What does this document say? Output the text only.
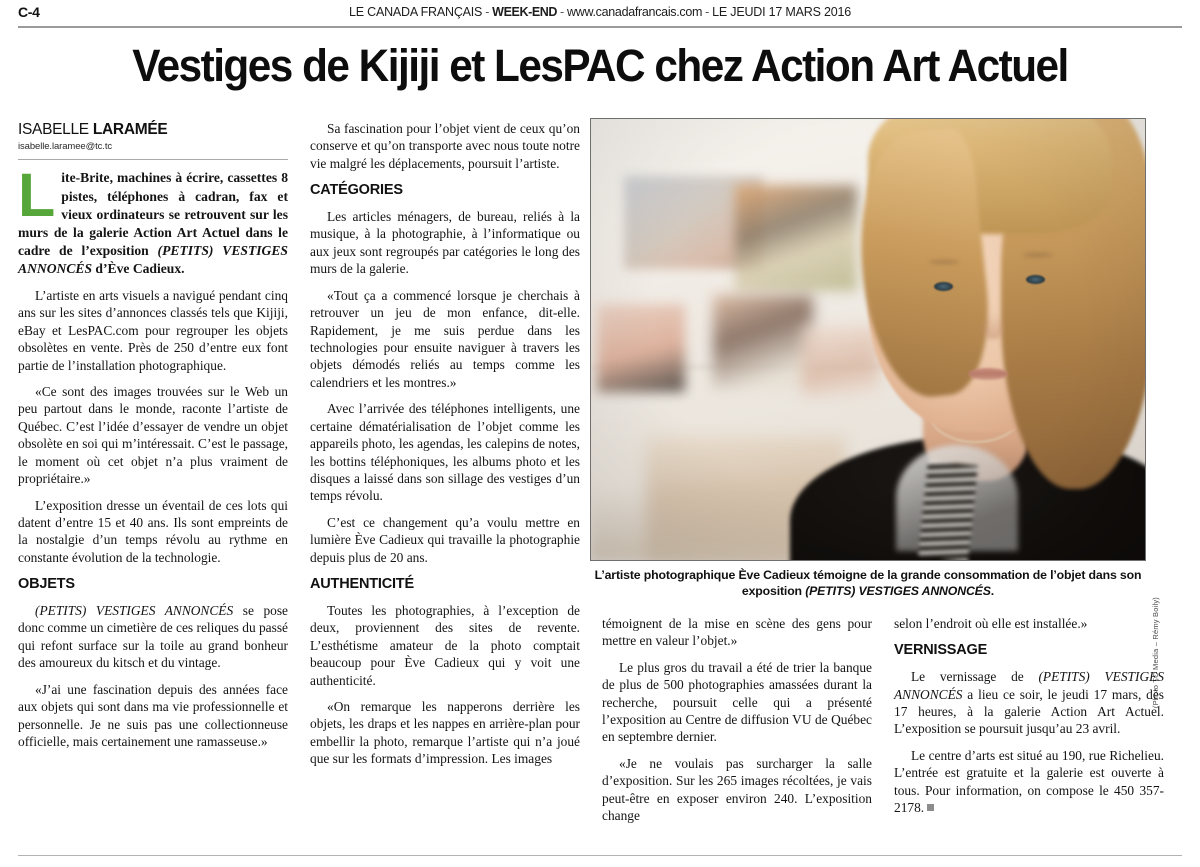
C-4	LE CANADA FRANÇAIS - WEEK-END - www.canadafrancais.com - LE JEUDI 17 MARS 2016
Vestiges de Kijiji et LesPAC chez Action Art Actuel
ISABELLE LARAMÉE
isabelle.laramee@tc.tc

Lite-Brite, machines à écrire, cassettes 8 pistes, téléphones à cadran, fax et vieux ordinateurs se retrouvent sur les murs de la galerie Action Art Actuel dans le cadre de l’exposition (PETITS) VESTIGES ANNONCÉS d’Ève Cadieux.

L’artiste en arts visuels a navigué pendant cinq ans sur les sites d’annonces classés tels que Kijiji, eBay et LesPAC.com pour regrouper les objets obsolètes en vente. Près de 250 d’entre eux font partie de l’installation photographique.

«Ce sont des images trouvées sur le Web un peu partout dans le monde, raconte l’artiste de Québec. C’est l’idée d’essayer de vendre un objet obsolète en soi qui m’intéressait. C’est le passage, le moment où cet objet n’a plus vraiment de propriétaire.»

L’exposition dresse un éventail de ces lots qui datent d’entre 15 et 40 ans. Ils sont empreints de la nostalgie d’un temps révolu au rythme en constante évolution de la technologie.

OBJETS

(PETITS) VESTIGES ANNONCÉS se pose donc comme un cimetière de ces reliques du passé qui refont surface sur la toile au grand bonheur des amoureux du kitsch et du vintage.

«J’ai une fascination depuis des années face aux objets qui sont dans ma vie professionnelle et personnelle. Je ne suis pas une collectionneuse officielle, mais certainement une ramasseuse.»

Sa fascination pour l’objet vient de ceux qu’on conserve et qu’on transporte avec nous toute notre vie malgré les déplacements, poursuit l’artiste.

CATÉGORIES

Les articles ménagers, de bureau, reliés à la musique, à la photographie, à l’informatique ou aux jeux sont regroupés par catégories le long des murs de la galerie.

«Tout ça a commencé lorsque je cherchais à retrouver un jeu de mon enfance, dit-elle. Rapidement, je me suis perdue dans les technologies pour ensuite naviguer à travers les objets démodés reliés au temps comme les calendriers et les montres.»

Avec l’arrivée des téléphones intelligents, une certaine dématérialisation de l’objet comme les appareils photo, les agendas, les calepins de notes, les bottins téléphoniques, les albums photo et les disques a laissé dans son sillage des vestiges d’un temps révolu.

C’est ce changement qu’a voulu mettre en lumière Ève Cadieux qui travaille la photographie depuis plus de 20 ans.

AUTHENTICITÉ

Toutes les photographies, à l’exception de deux, proviennent des sites de revente. L’esthétisme amateur de la photo comptait beaucoup pour Ève Cadieux qui y voit une authenticité.

«On remarque les napperons derrière les objets, les draps et les nappes en arrière-plan pour embellir la photo, remarque l’artiste qui n’a joué que sur les formats d’impression. Les images

(Photo TC Media – Rémy Boily)
L’artiste photographique Ève Cadieux témoigne de la grande consommation de l’objet dans son exposition (PETITS) VESTIGES ANNONCÉS.

témoignent de la mise en scène des gens pour mettre en valeur l’objet.»

Le plus gros du travail a été de trier la banque de plus de 500 photographies amassées durant la recherche, poursuit celle qui a présenté l’exposition au Centre de diffusion VU de Québec en septembre dernier.

«Je ne voulais pas surcharger la salle d’exposition. Sur les 265 images récoltées, je vais peut-être en exposer environ 240. L’exposition change

selon l’endroit où elle est installée.»

VERNISSAGE

Le vernissage de (PETITS) VESTIGES ANNONCÉS a lieu ce soir, le jeudi 17 mars, dès 17 heures, à la galerie Action Art Actuel. L’exposition se poursuit jusqu’au 23 avril.

Le centre d’arts est situé au 190, rue Richelieu. L’entrée est gratuite et la galerie est ouverte à tous. Pour information, on compose le 450 357-2178.
